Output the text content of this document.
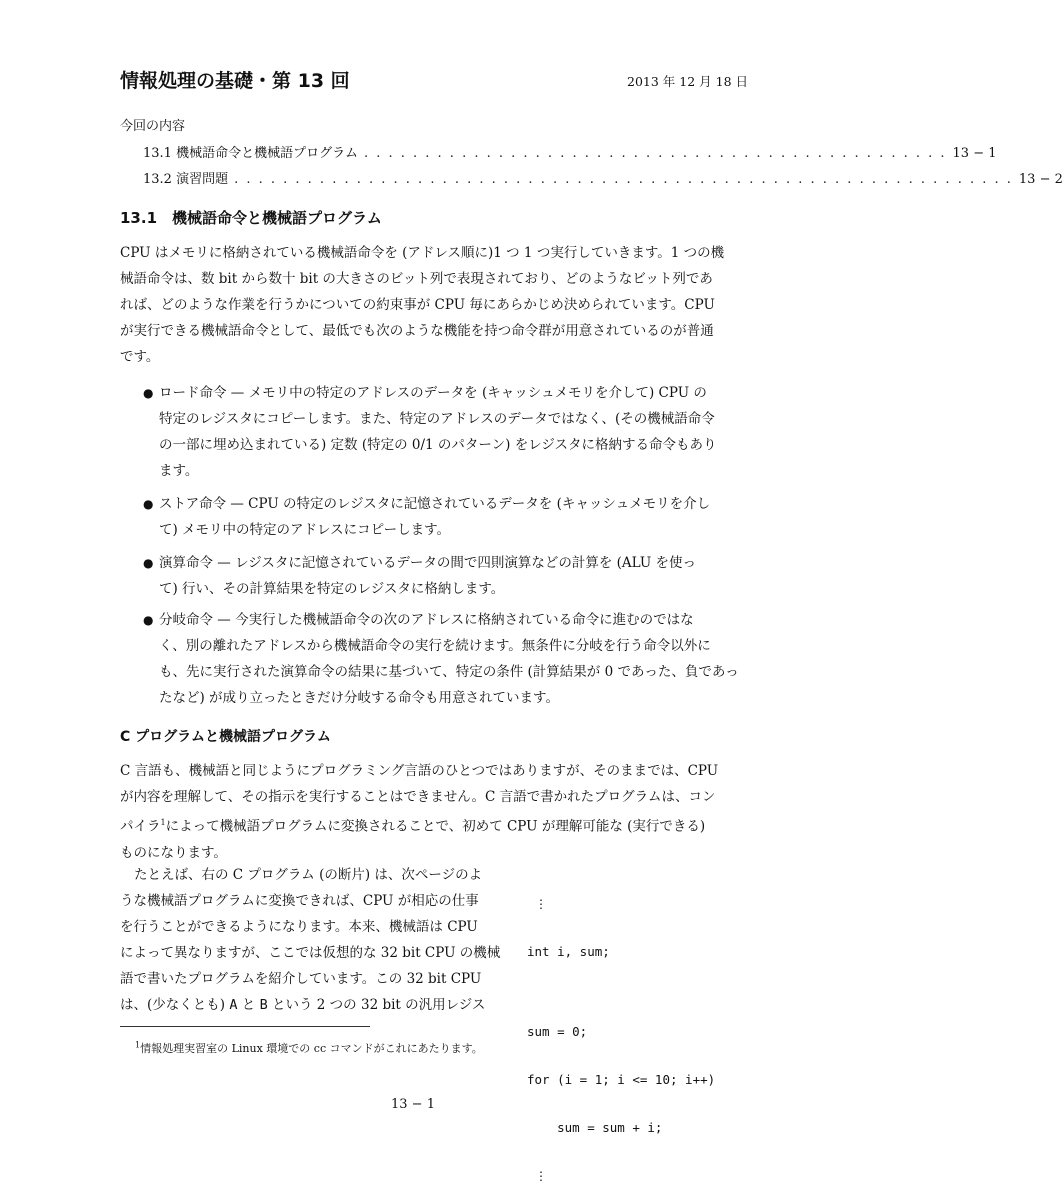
情報処理の基礎・第 13 回	2013 年 12 月 18 日
今回の内容
13.1 機械語命令と機械語プログラム . . . . . . . . . . . . . . . . . . . . . . . . . . . . . . . . . . . . . . . . . . . . . . . . 13 − 1
13.2 演習問題 . . . . . . . . . . . . . . . . . . . . . . . . . . . . . . . . . . . . . . . . . . . . . . . . . . . . . . . . . . . . . . . . 13 − 2
13.1 機械語命令と機械語プログラム
CPU はメモリに格納されている機械語命令を (アドレス順に)1 つ 1 つ実行していきます。1 つの機
械語命令は、数 bit から数十 bit の大きさのビット列で表現されており、どのようなビット列であ
れば、どのような作業を行うかについての約束事が CPU 毎にあらかじめ決められています。CPU
が実行できる機械語命令として、最低でも次のような機能を持つ命令群が用意されているのが普通
です。
● ロード命令 — メモリ中の特定のアドレスのデータを (キャッシュメモリを介して) CPU の
特定のレジスタにコピーします。また、特定のアドレスのデータではなく、(その機械語命令
の一部に埋め込まれている) 定数 (特定の 0/1 のパターン) をレジスタに格納する命令もあり
ます。
● ストア命令 — CPU の特定のレジスタに記憶されているデータを (キャッシュメモリを介し
て) メモリ中の特定のアドレスにコピーします。
● 演算命令 — レジスタに記憶されているデータの間で四則演算などの計算を (ALU を使っ
て) 行い、その計算結果を特定のレジスタに格納します。
● 分岐命令 — 今実行した機械語命令の次のアドレスに格納されている命令に進むのではな
く、別の離れたアドレスから機械語命令の実行を続けます。無条件に分岐を行う命令以外に
も、先に実行された演算命令の結果に基づいて、特定の条件 (計算結果が 0 であった、負であっ
たなど) が成り立ったときだけ分岐する命令も用意されています。
C プログラムと機械語プログラム
C 言語も、機械語と同じようにプログラミング言語のひとつではありますが、そのままでは、CPU
が内容を理解して、その指示を実行することはできません。C 言語で書かれたプログラムは、コン
パイラ$^1$によって機械語プログラムに変換されることで、初めて CPU が理解可能な (実行できる)
ものになります。
たとえば、右の C プログラム (の断片) は、次ページのよ
うな機械語プログラムに変換できれば、CPU が相応の仕事
を行うことができるようになります。本来、機械語は CPU
によって異なりますが、ここでは仮想的な 32 bit CPU の機械
語で書いたプログラムを紹介しています。この 32 bit CPU
は、(少なくとも) A と B という 2 つの 32 bit の汎用レジス

⋮

int i, sum;

sum = 0;

for (i = 1; i <= 10; i++)

sum = sum + i;

⋮

$^1$情報処理実習室の Linux 環境での cc コマンドがこれにあたります。
13 − 1
